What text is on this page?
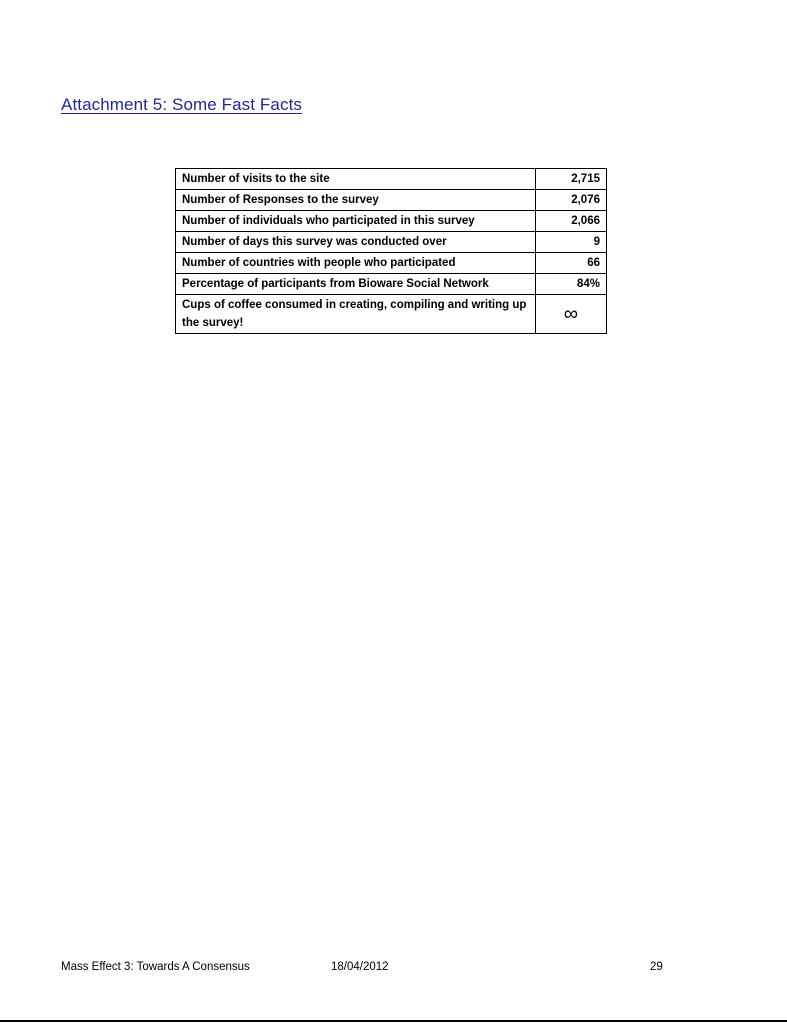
Attachment 5: Some Fast Facts
Number of visits to the site	2,715
Number of Responses to the survey	2,076
Number of individuals who participated in this survey	2,066
Number of days this survey was conducted over	9
Number of countries with people who participated	66
Percentage of participants from Bioware Social Network	84%
Cups of coffee consumed in creating, compiling and writing up the survey!	∞
Mass Effect 3: Towards A Consensus	18/04/2012	29
